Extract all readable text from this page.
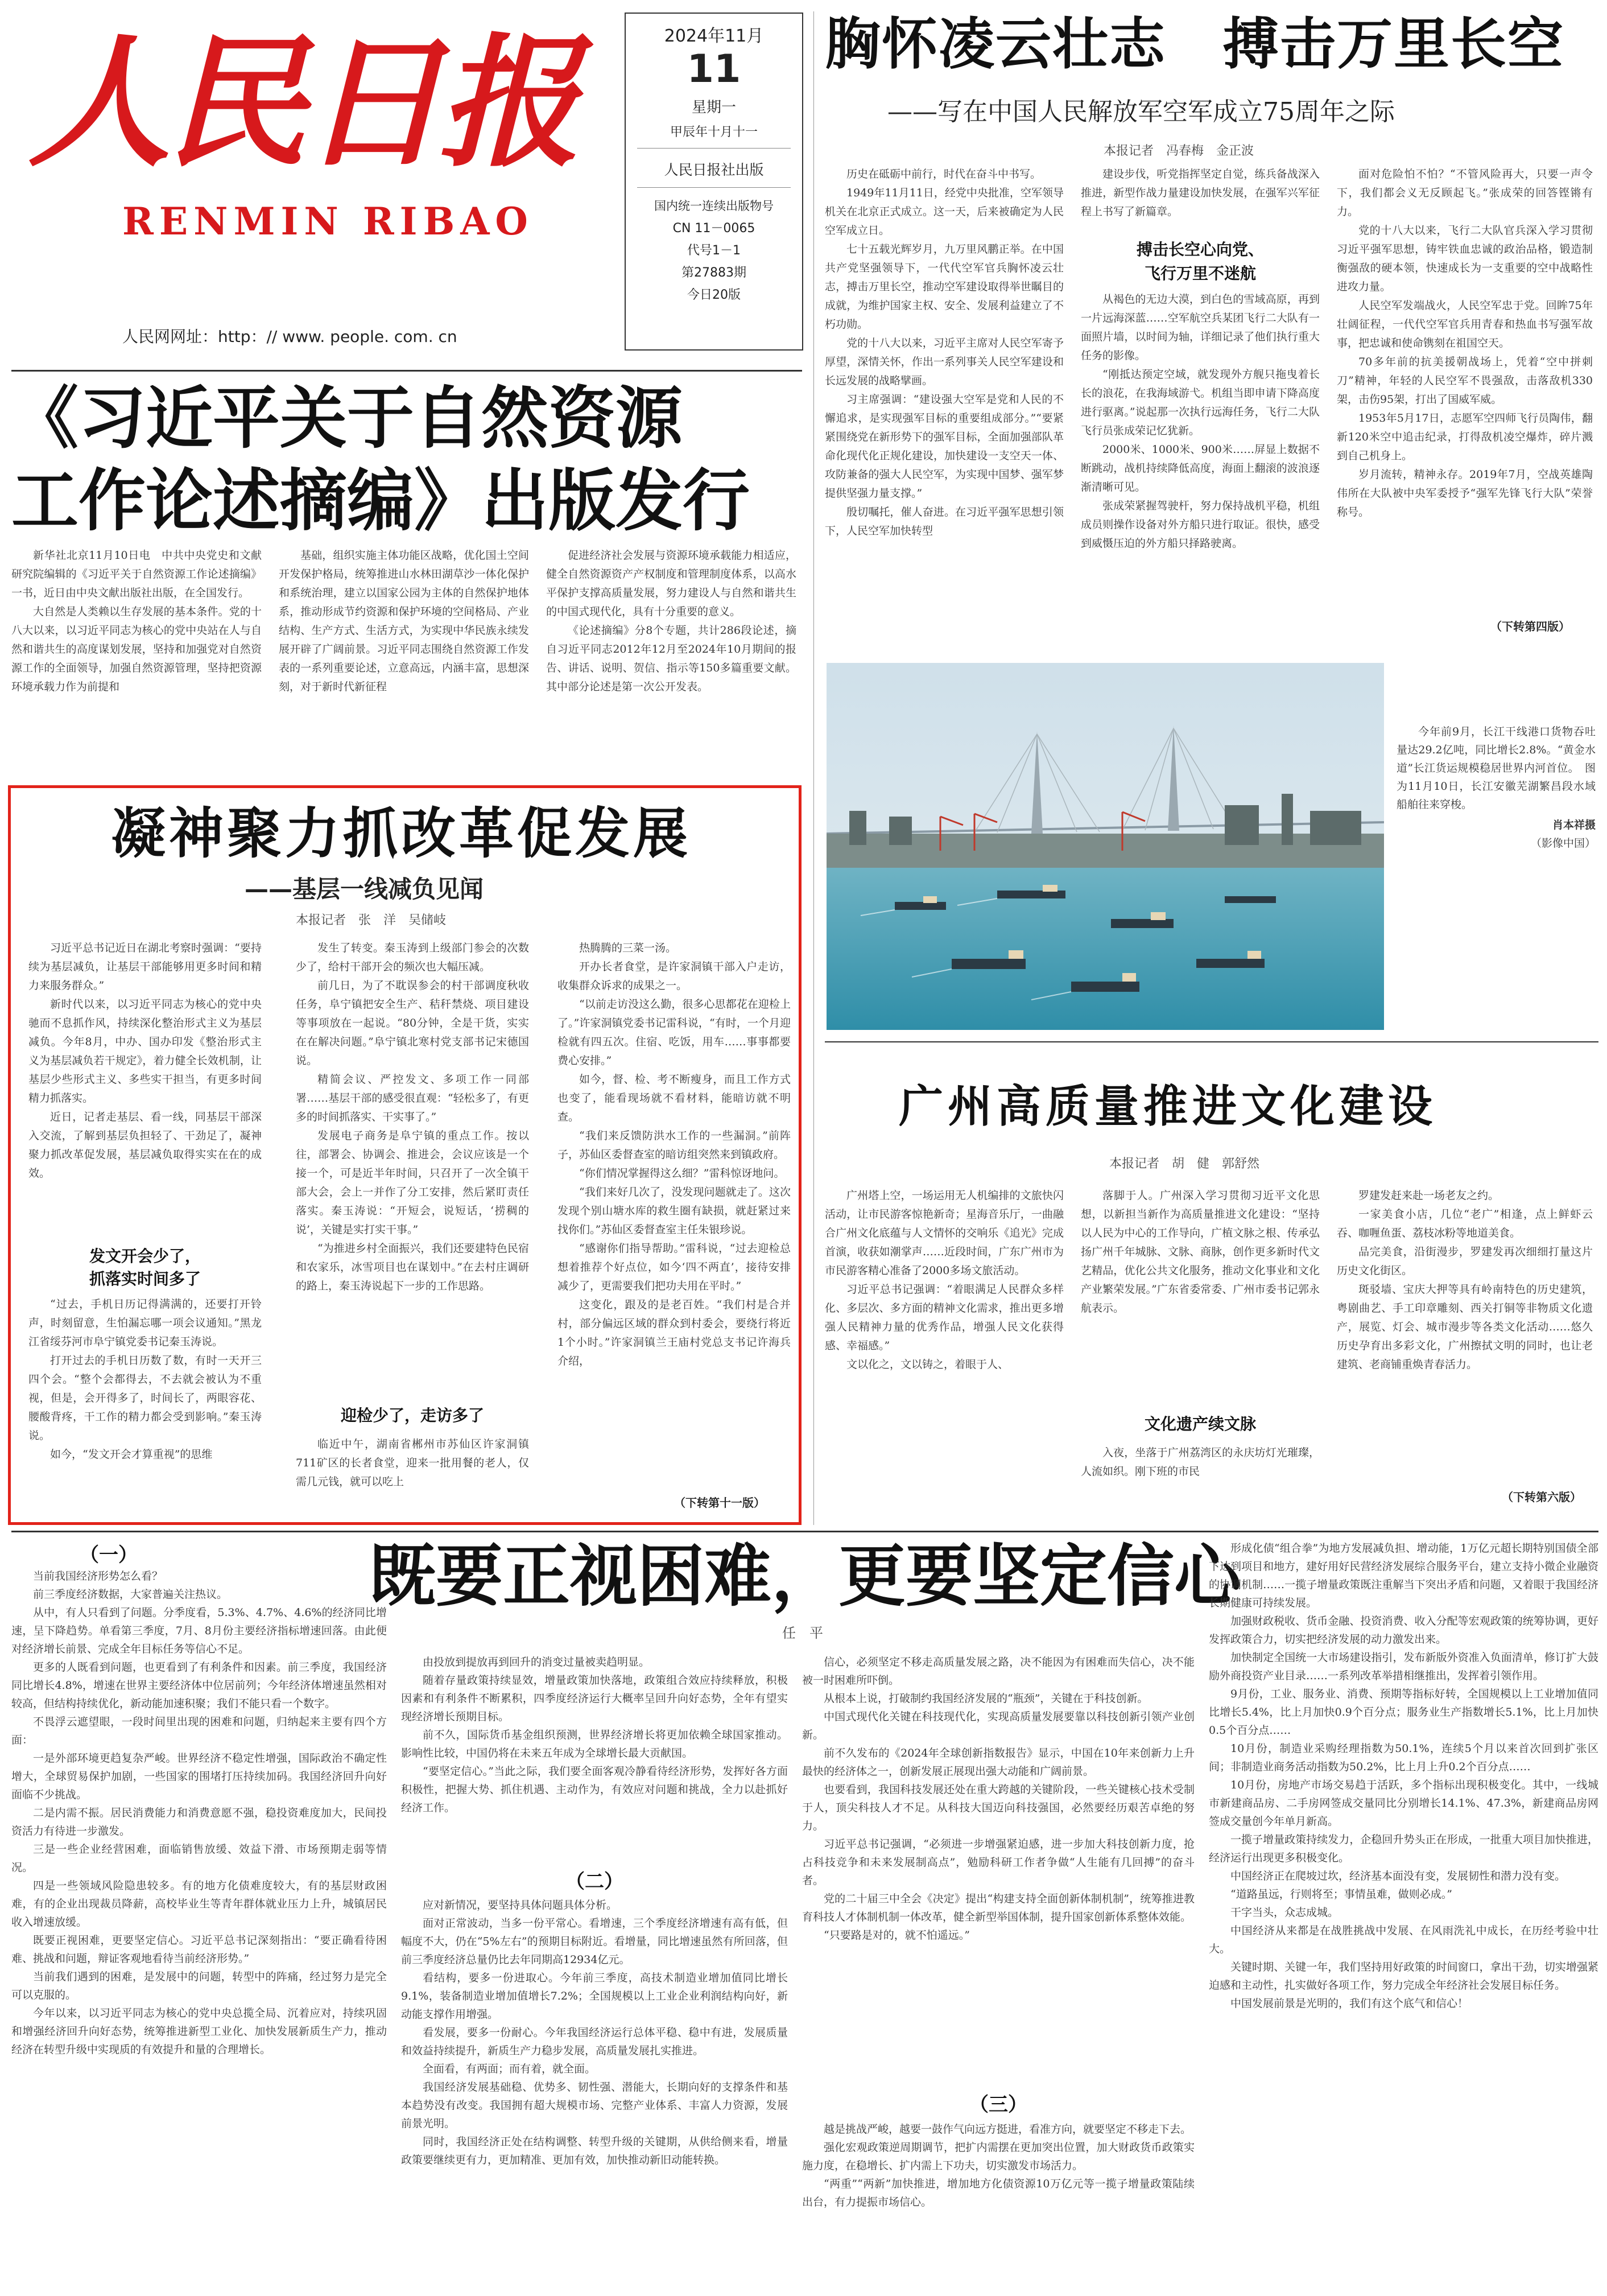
人民日报
RENMIN RIBAO
人民网网址：http：// www. people. com. cn
2024年11月
11
星期一
甲辰年十月十一
人民日报社出版
国内统一连续出版物号
CN 11－0065
代号1－1
第27883期
今日20版
胸怀凌云壮志　搏击万里长空
——写在中国人民解放军空军成立75周年之际
本报记者　冯春梅　金正波

历史在砥砺中前行，时代在奋斗中书写。

1949年11月11日，经党中央批准，空军领导机关在北京正式成立。这一天，后来被确定为人民空军成立日。

七十五载光辉岁月，九万里风鹏正举。在中国共产党坚强领导下，一代代空军官兵胸怀凌云壮志，搏击万里长空，推动空军建设取得举世瞩目的成就，为维护国家主权、安全、发展利益建立了不朽功勋。

党的十八大以来，习近平主席对人民空军寄予厚望，深情关怀，作出一系列事关人民空军建设和长远发展的战略擘画。

习主席强调：“建设强大空军是党和人民的不懈追求，是实现强军目标的重要组成部分。”“要紧紧围绕党在新形势下的强军目标，全面加强部队革命化现代化正规化建设，加快建设一支空天一体、攻防兼备的强大人民空军，为实现中国梦、强军梦提供坚强力量支撑。”

殷切嘱托，催人奋进。在习近平强军思想引领下，人民空军加快转型

建设步伐，听党指挥坚定自觉，练兵备战深入推进，新型作战力量建设加快发展，在强军兴军征程上书写了新篇章。

搏击长空心向党、
飞行万里不迷航

从褐色的无边大漠，到白色的雪域高原，再到一片远海深蓝……空军航空兵某团飞行二大队有一面照片墙，以时间为轴，详细记录了他们执行重大任务的影像。

“刚抵达预定空域，就发现外方舰只拖曳着长长的浪花，在我海域游弋。机组当即申请下降高度进行驱离。”说起那一次执行远海任务，飞行二大队飞行员张成荣记忆犹新。

2000米、1000米、900米……屏显上数据不断跳动，战机持续降低高度，海面上翻滚的波浪逐渐清晰可见。

张成荣紧握驾驶杆，努力保持战机平稳，机组成员则操作设备对外方船只进行取证。很快，感受到威慑压迫的外方船只择路驶离。

面对危险怕不怕？“不管风险再大，只要一声令下，我们都会义无反顾起飞。”张成荣的回答铿锵有力。

党的十八大以来，飞行二大队官兵深入学习贯彻习近平强军思想，铸牢铁血忠诚的政治品格，锻造制衡强敌的硬本领，快速成长为一支重要的空中战略性进攻力量。

人民空军发端战火，人民空军忠于党。回眸75年壮阔征程，一代代空军官兵用青春和热血书写强军故事，把忠诚和使命镌刻在祖国空天。

70多年前的抗美援朝战场上，凭着“空中拼刺刀”精神，年轻的人民空军不畏强敌，击落敌机330架，击伤95架，打出了国威军威。

1953年5月17日，志愿军空四师飞行员陶伟，翻新120米空中追击纪录，打得敌机凌空爆炸，碎片溅到自己机身上。

岁月流转，精神永存。2019年7月，空战英雄陶伟所在大队被中央军委授予“强军先锋飞行大队”荣誉称号。

（下转第四版）
《习近平关于自然资源
工作论述摘编》出版发行

新华社北京11月10日电　中共中央党史和文献研究院编辑的《习近平关于自然资源工作论述摘编》一书，近日由中央文献出版社出版，在全国发行。

大自然是人类赖以生存发展的基本条件。党的十八大以来，以习近平同志为核心的党中央站在人与自然和谐共生的高度谋划发展，坚持和加强党对自然资源工作的全面领导，加强自然资源管理，坚持把资源环境承载力作为前提和

基础，组织实施主体功能区战略，优化国土空间开发保护格局，统筹推进山水林田湖草沙一体化保护和系统治理，建立以国家公园为主体的自然保护地体系，推动形成节约资源和保护环境的空间格局、产业结构、生产方式、生活方式，为实现中华民族永续发展开辟了广阔前景。习近平同志围绕自然资源工作发表的一系列重要论述，立意高远，内涵丰富，思想深刻，对于新时代新征程

促进经济社会发展与资源环境承载能力相适应，健全自然资源资产产权制度和管理制度体系，以高水平保护支撑高质量发展，努力建设人与自然和谐共生的中国式现代化，具有十分重要的意义。

《论述摘编》分8个专题，共计286段论述，摘自习近平同志2012年12月至2024年10月期间的报告、讲话、说明、贺信、指示等150多篇重要文献。其中部分论述是第一次公开发表。

凝神聚力抓改革促发展
——基层一线减负见闻
本报记者　张　洋　吴储岐

习近平总书记近日在湖北考察时强调：“要持续为基层减负，让基层干部能够用更多时间和精力来服务群众。”

新时代以来，以习近平同志为核心的党中央驰而不息抓作风，持续深化整治形式主义为基层减负。今年8月，中办、国办印发《整治形式主义为基层减负若干规定》，着力健全长效机制，让基层少些形式主义、多些实干担当，有更多时间精力抓落实。

近日，记者走基层、看一线，同基层干部深入交流，了解到基层负担轻了、干劲足了，凝神聚力抓改革促发展，基层减负取得实实在在的成效。

发文开会少了，
抓落实时间多了

“过去，手机日历记得满满的，还要打开铃声，时刻留意，生怕漏忘哪一项会议通知。”黑龙江省绥芬河市阜宁镇党委书记秦玉涛说。

打开过去的手机日历数了数，有时一天开三四个会。“整个会都得去，不去就会被认为不重视，但是，会开得多了，时间长了，两眼容花、腰酸背疼，干工作的精力都会受到影响。”秦玉涛说。

如今，“发文开会才算重视”的思维

发生了转变。秦玉涛到上级部门参会的次数少了，给村干部开会的频次也大幅压减。

前几日，为了不耽误参会的村干部调度秋收任务，阜宁镇把安全生产、秸秆禁烧、项目建设等事项放在一起说。“80分钟，全是干货，实实在在解决问题。”阜宁镇北寒村党支部书记宋德国说。

精简会议、严控发文、多项工作一同部署……基层干部的感受很直观：“轻松多了，有更多的时间抓落实、干实事了。”

发展电子商务是阜宁镇的重点工作。按以往，部署会、协调会、推进会，会议应该是一个接一个，可是近半年时间，只召开了一次全镇干部大会，会上一并作了分工安排，然后紧盯责任落实。秦玉涛说：“开短会，说短话，‘捞稠的说’，关键是实打实干事。”

“为推进乡村全面振兴，我们还要建特色民宿和农家乐，冰雪项目也在谋划中。”在去村庄调研的路上，秦玉涛说起下一步的工作思路。

迎检少了，走访多了

临近中午，湖南省郴州市苏仙区许家洞镇711矿区的长者食堂，迎来一批用餐的老人，仅需几元钱，就可以吃上

热腾腾的三菜一汤。

开办长者食堂，是许家洞镇干部入户走访，收集群众诉求的成果之一。

“以前走访没这么勤，很多心思都花在迎检上了。”许家洞镇党委书记雷科说，“有时，一个月迎检就有四五次。住宿、吃饭，用车……事事都要费心安排。”

如今，督、检、考不断瘦身，而且工作方式也变了，能看现场就不看材料，能暗访就不明查。

“我们来反馈防洪水工作的一些漏洞。”前阵子，苏仙区委督查室的暗访组突然来到镇政府。

“你们情况掌握得这么细？”雷科惊讶地问。

“我们来好几次了，没发现问题就走了。这次发现个别山塘水库的救生圈有缺损，就赶紧过来找你们。”苏仙区委督查室主任朱银珍说。

“感谢你们指导帮助。”雷科说，“过去迎检总想着推荐个好点位，如今‘四不两直’，接待安排减少了，更需要我们把功夫用在平时。”

这变化，跟及的是老百姓。“我们村是合并村，部分偏远区域的群众到村委会，要绕行将近1个小时。”许家洞镇兰王庙村党总支书记许海兵介绍，

（下转第十一版）

今年前9月，长江干线港口货物吞吐量达29.2亿吨，同比增长2.8%。“黄金水道”长江货运规模稳居世界内河首位。　图为11月10日，长江安徽芜湖繁昌段水域船舶往来穿梭。

肖本祥摄
（影像中国）
广州高质量推进文化建设
本报记者　胡　健　郭舒然

广州塔上空，一场运用无人机编排的文旅快闪活动，让市民游客惊艳新奇；星海音乐厅，一曲融合广州文化底蕴与人文情怀的交响乐《追光》完成首演，收获如潮掌声……近段时间，广东广州市为市民游客精心准备了2000多场文旅活动。

习近平总书记强调：“着眼满足人民群众多样化、多层次、多方面的精神文化需求，推出更多增强人民精神力量的优秀作品，增强人民文化获得感、幸福感。”

文以化之，文以铸之，着眼于人、

落脚于人。广州深入学习贯彻习近平文化思想，以新担当新作为高质量推进文化建设：“坚持以人民为中心的工作导向，广植文脉之根、传承弘扬广州千年城脉、文脉、商脉，创作更多新时代文艺精品，优化公共文化服务，推动文化事业和文化产业繁荣发展。”广东省委常委、广州市委书记郭永航表示。

文化遗产续文脉

入夜，坐落于广州荔湾区的永庆坊灯光璀璨，人流如织。刚下班的市民

罗建发赶来赴一场老友之约。

一家美食小店，几位“老广”相逢，点上鲜虾云吞、咖喱鱼蛋、荔枝冰粉等地道美食。

品完美食，沿街漫步，罗建发再次细细打量这片历史文化街区。

斑驳墙、宝庆大押等具有岭南特色的历史建筑，粤剧曲艺、手工印章雕刻、西关打铜等非物质文化遗产，展览、灯会、城市漫步等各类文化活动……悠久历史孕育出多彩文化，广州擦拭文明的同时，也让老建筑、老商铺重焕青春活力。

（下转第六版）
既要正视困难，更要坚定信心
任　平
（一）

当前我国经济形势怎么看？

前三季度经济数据，大家普遍关注热议。

从中，有人只看到了问题。分季度看，5.3%、4.7%、4.6%的经济同比增速，呈下降趋势。单看第三季度，7月、8月份主要经济指标增速回落。由此便对经济增长前景、完成全年目标任务等信心不足。

更多的人既看到问题，也更看到了有利条件和因素。前三季度，我国经济同比增长4.8%，增速在世界主要经济体中位居前列；今年经济体增速虽然相对较高，但结构持续优化，新动能加速积聚；我们不能只看一个数字。

不畏浮云遮望眼，一段时间里出现的困难和问题，归纳起来主要有四个方面：

一是外部环境更趋复杂严峻。世界经济不稳定性增强，国际政治不确定性增大，全球贸易保护加剧，一些国家的围堵打压持续加码。我国经济回升向好面临不少挑战。

二是内需不振。居民消费能力和消费意愿不强，稳投资难度加大，民间投资活力有待进一步激发。

三是一些企业经营困难，面临销售放缓、效益下滑、市场预期走弱等情况。

四是一些领域风险隐患较多。有的地方化债难度较大，有的基层财政困难，有的企业出现裁员降薪，高校毕业生等青年群体就业压力上升，城镇居民收入增速放缓。

既要正视困难，更要坚定信心。习近平总书记深刻指出：“要正确看待困难、挑战和问题，辩证客观地看待当前经济形势。”

当前我们遇到的困难，是发展中的问题，转型中的阵痛，经过努力是完全可以克服的。

今年以来，以习近平同志为核心的党中央总揽全局、沉着应对，持续巩固和增强经济回升向好态势，统筹推进新型工业化、加快发展新质生产力，推动经济在转型升级中实现质的有效提升和量的合理增长。

由投放到提放再到回升的消变过量被卖趋明显。

随着存量政策持续显效，增量政策加快落地，政策组合效应持续释放，积极因素和有利条件不断累积，四季度经济运行大概率呈回升向好态势，全年有望实现经济增长预期目标。

前不久，国际货币基金组织预测，世界经济增长将更加依赖全球国家推动。影响性比较，中国仍将在未来五年成为全球增长最大贡献国。

“要坚定信心。”当此之际，我们要全面客观冷静看待经济形势，发挥好各方面积极性，把握大势、抓住机遇、主动作为，有效应对问题和挑战，全力以赴抓好经济工作。

（二）

应对新情况，要坚持具体问题具体分析。

面对正常波动，当多一份平常心。看增速，三个季度经济增速有高有低，但幅度不大，仍在“5%左右”的预期目标附近。看增量，同比增速虽然有所回落，但前三季度经济总量仍比去年同期高12934亿元。

看结构，要多一份进取心。今年前三季度，高技术制造业增加值同比增长9.1%，装备制造业增加值增长7.2%；全国规模以上工业企业利润结构向好，新动能支撑作用增强。

看发展，要多一份耐心。今年我国经济运行总体平稳、稳中有进，发展质量和效益持续提升，新质生产力稳步发展，高质量发展扎实推进。

全面看，有两面；而有着，就全面。

我国经济发展基础稳、优势多、韧性强、潜能大，长期向好的支撑条件和基本趋势没有改变。我国拥有超大规模市场、完整产业体系、丰富人力资源，发展前景光明。

同时，我国经济正处在结构调整、转型升级的关键期，从供给侧来看，增量政策要继续更有力，更加精准、更加有效，加快推动新旧动能转换。

信心，必须坚定不移走高质量发展之路，决不能因为有困难而失信心，决不能被一时困难所吓倒。

从根本上说，打破制约我国经济发展的“瓶颈”，关键在于科技创新。

中国式现代化关键在科技现代化，实现高质量发展要靠以科技创新引领产业创新。

前不久发布的《2024年全球创新指数报告》显示，中国在10年来创新力上升最快的经济体之一，创新发展正展现出强大动能和广阔前景。

也要看到，我国科技发展还处在重大跨越的关键阶段，一些关键核心技术受制于人，顶尖科技人才不足。从科技大国迈向科技强国，必然要经历艰苦卓绝的努力。

习近平总书记强调，“必须进一步增强紧迫感，进一步加大科技创新力度，抢占科技竞争和未来发展制高点”，勉励科研工作者争做“人生能有几回搏”的奋斗者。

党的二十届三中全会《决定》提出“构建支持全面创新体制机制”，统筹推进教育科技人才体制机制一体改革，健全新型举国体制，提升国家创新体系整体效能。

“只要路是对的，就不怕遥远。”

（三）

越是挑战严峻，越要一鼓作气向远方挺进，看准方向，就要坚定不移走下去。

强化宏观政策逆周期调节，把扩内需摆在更加突出位置，加大财政货币政策实施力度，在稳增长、扩内需上下功夫，切实激发市场活力。

“两重”“两新”加快推进，增加地方化债资源10万亿元等一揽子增量政策陆续出台，有力提振市场信心。

形成化债“组合拳”为地方发展减负担、增动能，1万亿元超长期特别国债全部下达到项目和地方，建好用好民营经济发展综合服务平台，建立支持小微企业融资的协调机制……一揽子增量政策既注重解当下突出矛盾和问题，又着眼于我国经济长期健康可持续发展。

加强财政税收、货币金融、投资消费、收入分配等宏观政策的统筹协调，更好发挥政策合力，切实把经济发展的动力激发出来。

加快制定全国统一大市场建设指引，发布新版外资准入负面清单，修订扩大鼓励外商投资产业目录……一系列改革举措相继推出，发挥着引领作用。

9月份，工业、服务业、消费、预期等指标好转，全国规模以上工业增加值同比增长5.4%，比上月加快0.9个百分点；服务业生产指数增长5.1%，比上月加快0.5个百分点……

10月份，制造业采购经理指数为50.1%，连续5个月以来首次回到扩张区间；非制造业商务活动指数为50.2%，比上月上升0.2个百分点……

10月份，房地产市场交易趋于活跃，多个指标出现积极变化。其中，一线城市新建商品房、二手房网签成交量同比分别增长14.1%、47.3%，新建商品房网签成交量创今年单月新高。

一揽子增量政策持续发力，企稳回升势头正在形成，一批重大项目加快推进，经济运行出现更多积极变化。

中国经济正在爬坡过坎，经济基本面没有变，发展韧性和潜力没有变。

“道路虽远，行则将至；事情虽难，做则必成。”

干字当头，众志成城。

中国经济从来都是在战胜挑战中发展、在风雨洗礼中成长，在历经考验中壮大。

关键时期、关键一年，我们坚持用好政策的时间窗口，拿出干劲，切实增强紧迫感和主动性，扎实做好各项工作，努力完成全年经济社会发展目标任务。

中国发展前景是光明的，我们有这个底气和信心！
